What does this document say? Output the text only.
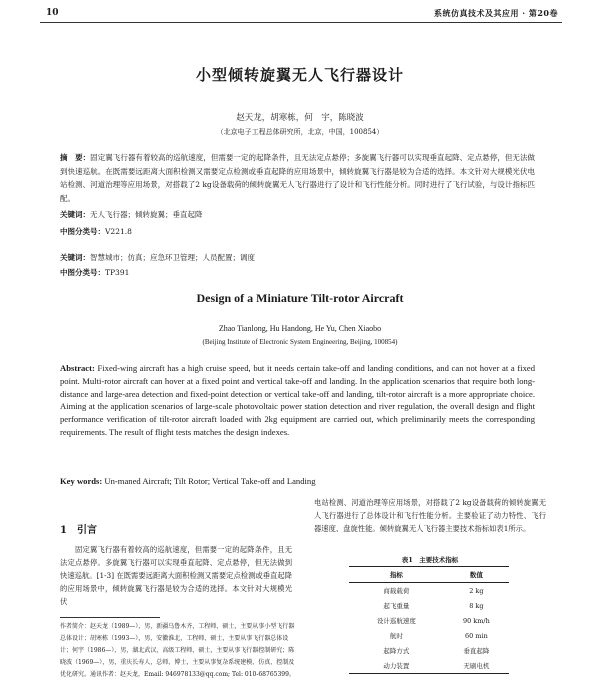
10	系统仿真技术及其应用 · 第20卷
小型倾转旋翼无人飞行器设计
赵天龙，胡寒栋，何　宇，陈晓波
（北京电子工程总体研究所，北京，中国，100854）
摘　要：固定翼飞行器有着较高的巡航速度，但需要一定的起降条件，且无法定点悬停；多旋翼飞行器可以实现垂直起降、定点悬停，但无法做到快速巡航。在既需要远距离大面积检测又需要定点检测或垂直起降的应用场景中，倾转旋翼飞行器是较为合适的选择。本文针对大规模光伏电站检测、河道治理等应用场景，对搭载了2 kg设备载荷的倾转旋翼无人飞行器进行了设计和飞行性能分析。同时进行了飞行试验，与设计指标匹配。
关键词：无人飞行器；倾转旋翼；垂直起降
中图分类号：V221.8
关键词：智慧城市；仿真；应急环卫管理；人员配置；调度
中图分类号：TP391
Design of a Miniature Tilt-rotor Aircraft
Zhao Tianlong, Hu Handong, He Yu, Chen Xiaobo
(Beijing Institute of Electronic System Engineering, Beijing, 100854)
Abstract: Fixed-wing aircraft has a high cruise speed, but it needs certain take-off and landing conditions, and can not hover at a fixed point. Multi-rotor aircraft can hover at a fixed point and vertical take-off and landing. In the application scenarios that require both long-distance and large-area detection and fixed-point detection or vertical take-off and landing, tilt-rotor aircraft is a more appropriate choice. Aiming at the application scenarios of large-scale photovoltaic power station detection and river regulation, the overall design and flight performance verification of tilt-rotor aircraft loaded with 2kg equipment are carried out, which preliminarily meets the corresponding requirements. The result of flight tests matches the design indexes.
Key words: Un-maned Aircraft; Tilt Rotor; Vertical Take-off and Landing
1　引言
固定翼飞行器有着较高的巡航速度，但需要一定的起降条件，且无法定点悬停。多旋翼飞行器可以实现垂直起降、定点悬停，但无法做到快速巡航。[1-3] 在既需要远距离大面积检测又需要定点检测或垂直起降的应用场景中，倾转旋翼飞行器是较为合适的选择。本文针对大规模光伏
电站检测、河道治理等应用场景，对搭载了2 kg设备载荷的倾转旋翼无人飞行器进行了总体设计和飞行性能分析。主要验证了动力特性、飞行器速度、盘旋性能。倾转旋翼无人飞行器主要技术指标如表1所示。
表1　主要技术指标
指标	数值
商载载荷	2 kg
起飞重量	8 kg
设计巡航速度	90 km/h
航时	60 min
起降方式	垂直起降
动力装置	无刷电机
作者简介：赵天龙（1989—），男，新疆乌鲁木齐，工程师，硕士，主要从事小型飞行器总体设计；胡寒栋（1993—），男，安徽淮北，工程师，硕士，主要从事飞行器总体设计；何宇（1986—），男，湖北武汉，高级工程师，硕士，主要从事飞行器控制研究；陈晓波（1969—），男，重庆长寿人，总师，博士，主要从事复杂系统建模、仿真、控制及优化研究。通讯作者：赵天龙，Email: 946978133@qq.com; Tel: 010-68765399。
